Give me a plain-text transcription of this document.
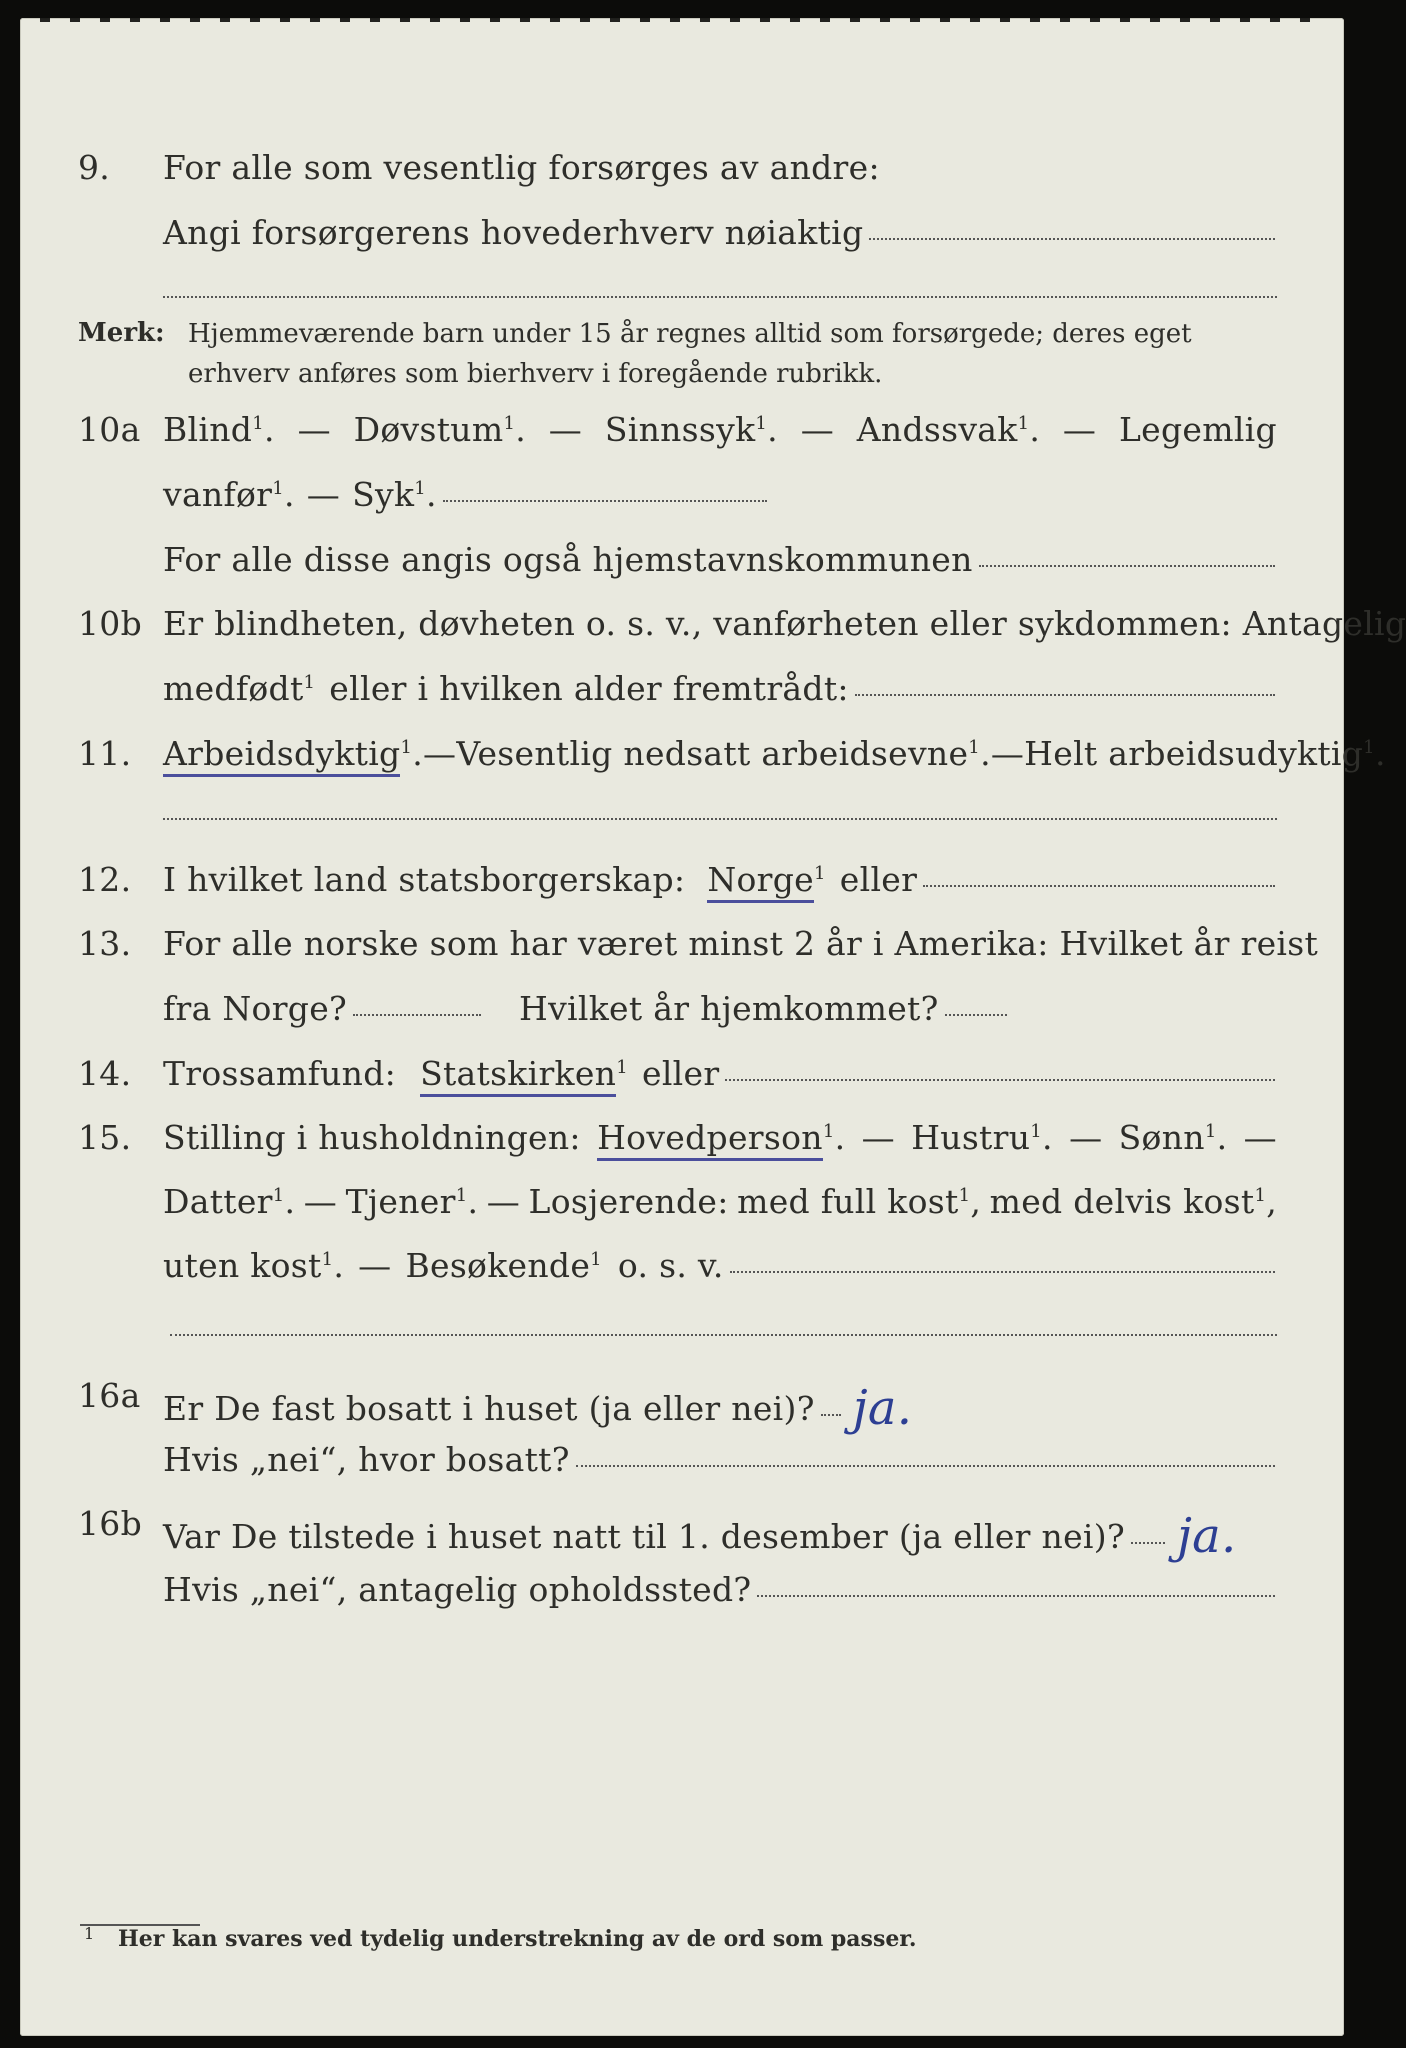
9. For alle som vesentlig forsørges av andre:
Angi forsørgerens hovederhverv nøiaktig
Merk: Hjemmeværende barn under 15 år regnes alltid som forsørgede; deres eget erhverv anføres som bierhverv i foregående rubrikk.
10a Blind$^1$. — Døvstum$^1$. — Sinnssyk$^1$. — Andssvak$^1$. — Legemlig
vanfør$^1$. — Syk$^1$.
For alle disse angis også hjemstavnskommunen
10b Er blindheten, døvheten o. s. v., vanførheten eller sykdommen: Antagelig
medfødt$^1$ eller i hvilken alder fremtrådt:
11. Arbeidsdyktig$^1$. — Vesentlig nedsatt arbeidsevne$^1$. — Helt arbeidsudyktig$^1$.
12. I hvilket land statsborgerskap: Norge$^1$ eller
13. For alle norske som har været minst 2 år i Amerika: Hvilket år reist
fra Norge?	Hvilket år hjemkommet?
14. Trossamfund: Statskirken$^1$ eller
15. Stilling i husholdningen: Hovedperson$^1$. — Hustru$^1$. — Sønn$^1$. —
Datter$^1$. — Tjener$^1$. — Losjerende: med full kost$^1$, med delvis kost$^1$,
uten kost$^1$. — Besøkende$^1$ o. s. v.
16a Er De fast bosatt i huset (ja eller nei)? ja.
Hvis „nei“, hvor bosatt?
16b Var De tilstede i huset natt til 1. desember (ja eller nei)? ja.
Hvis „nei“, antagelig opholdssted?
1 Her kan svares ved tydelig understrekning av de ord som passer.
